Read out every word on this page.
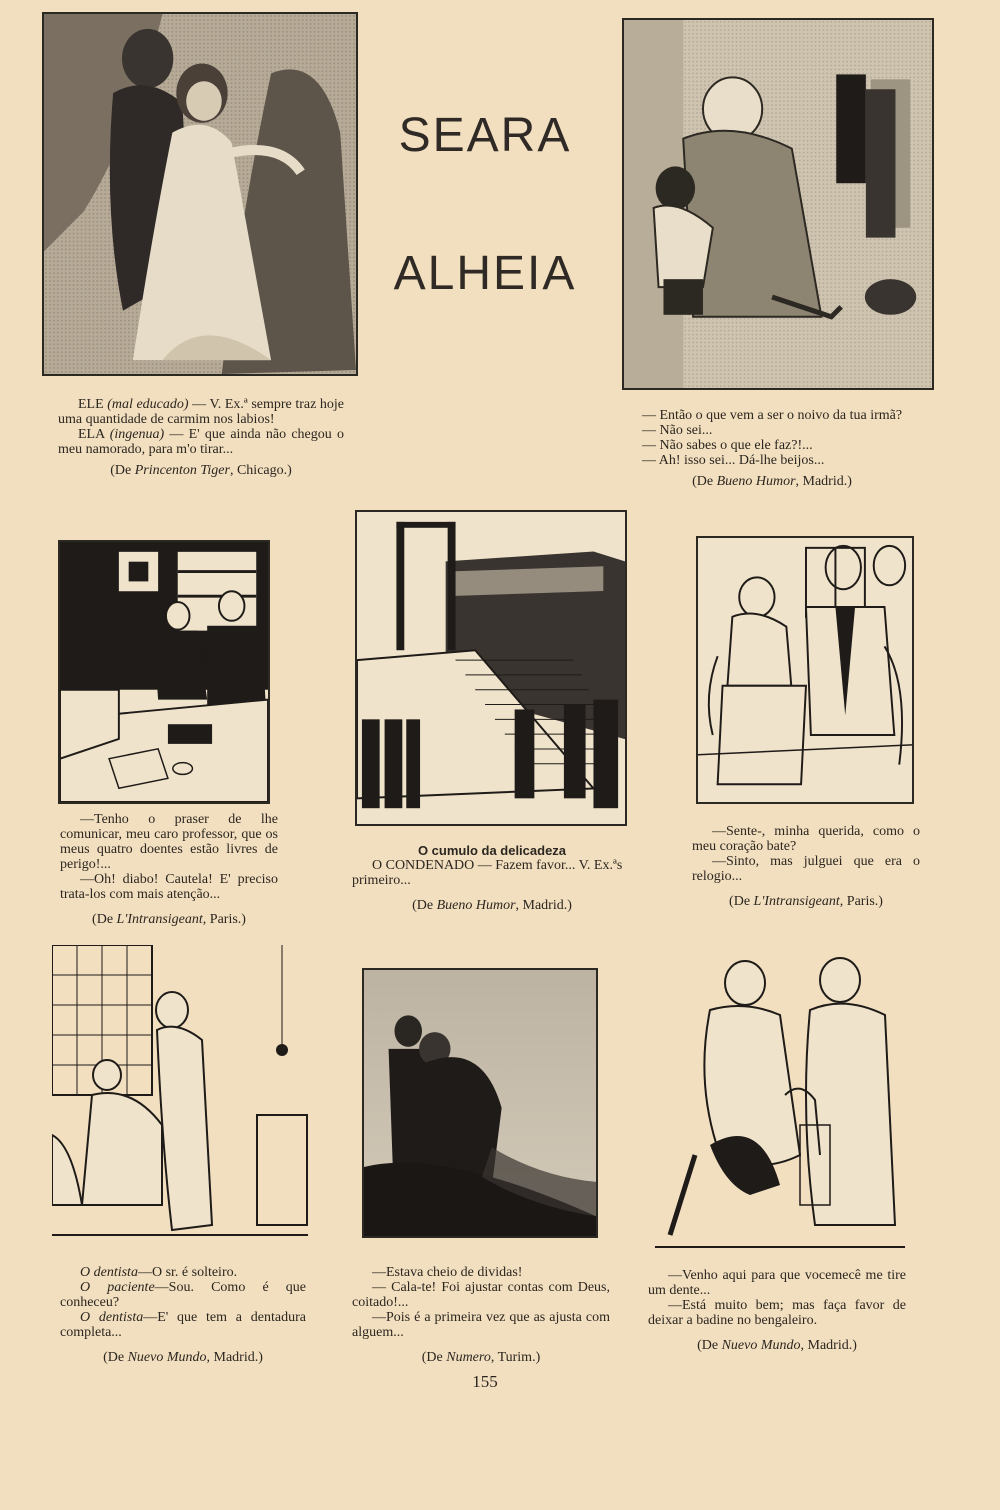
SEARA
ALHEIA

ELE (mal educado) — V. Ex.ª sempre traz hoje uma quantidade de carmim nos labios!

ELA (ingenua) — E' que ainda não chegou o meu namorado, para m'o tirar...

(De Princenton Tiger, Chicago.)

— Então o que vem a ser o noivo da tua irmã?

— Não sei...

— Não sabes o que ele faz?!...

— Ah! isso sei... Dá-lhe beijos...

(De Bueno Humor, Madrid.)

—Tenho o praser de lhe comunicar, meu caro professor, que os meus quatro doentes estão livres de perigo!...

—Oh! diabo! Cautela! E' preciso trata-los com mais atenção...

(De L'Intransigeant, Paris.)

O cumulo da delicadeza

O CONDENADO — Fazem favor... V. Ex.ªs primeiro...

(De Bueno Humor, Madrid.)

—Sente-, minha querida, como o meu coração bate?

—Sinto, mas julguei que era o relogio...

(De L'Intransigeant, Paris.)

O dentista—O sr. é solteiro.

O paciente—Sou. Como é que conheceu?

O dentista—E' que tem a dentadura completa...

(De Nuevo Mundo, Madrid.)

—Estava cheio de dividas!

— Cala-te! Foi ajustar contas com Deus, coitado!...

—Pois é a primeira vez que as ajusta com alguem...

(De Numero, Turim.)

—Venho aqui para que vocemecê me tire um dente...

—Está muito bem; mas faça favor de deixar a badine no bengaleiro.

(De Nuevo Mundo, Madrid.)

155
